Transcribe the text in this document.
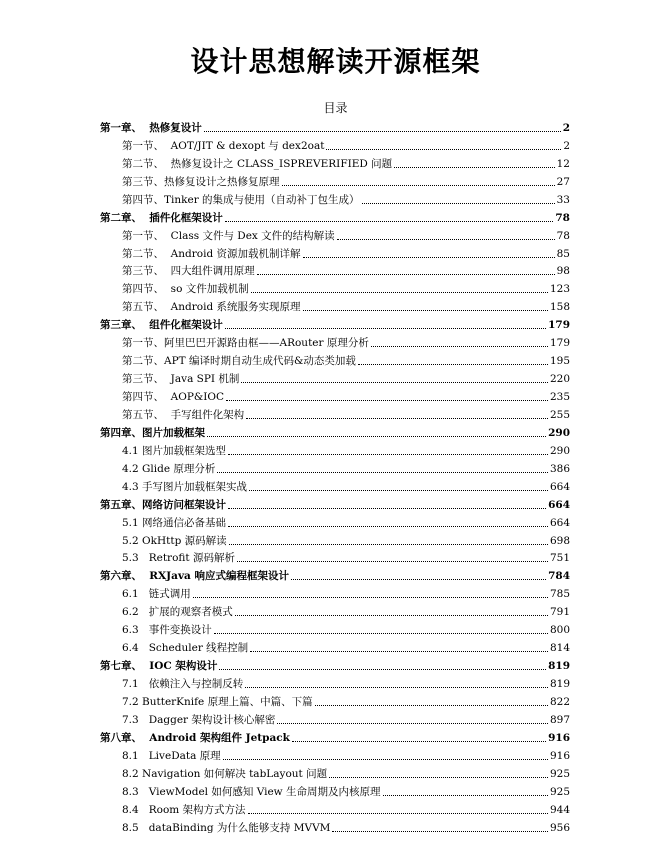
设计思想解读开源框架
目录
第一章、  热修复设计	2
第一节、  AOT/JIT & dexopt 与 dex2oat	2
第二节、  热修复设计之 CLASS_ISPREVERIFIED 问题	12
第三节、热修复设计之热修复原理	27
第四节、Tinker 的集成与使用（自动补丁包生成）	33
第二章、  插件化框架设计	78
第一节、  Class 文件与 Dex 文件的结构解读	78
第二节、  Android 资源加载机制详解	85
第三节、  四大组件调用原理	98
第四节、  so 文件加载机制	123
第五节、  Android 系统服务实现原理	158
第三章、  组件化框架设计	179
第一节、阿里巴巴开源路由框——ARouter 原理分析	179
第二节、APT 编译时期自动生成代码&动态类加载	195
第三节、  Java SPI 机制	220
第四节、  AOP&IOC	235
第五节、  手写组件化架构	255
第四章、图片加载框架	290
4.1 图片加载框架选型	290
4.2 Glide 原理分析	386
4.3 手写图片加载框架实战	664
第五章、网络访问框架设计	664
5.1 网络通信必备基础	664
5.2 OkHttp 源码解读	698
5.3   Retrofit 源码解析	751
第六章、  RXJava 响应式编程框架设计	784
6.1   链式调用	785
6.2   扩展的观察者模式	791
6.3   事件变换设计	800
6.4   Scheduler 线程控制	814
第七章、  IOC 架构设计	819
7.1   依赖注入与控制反转	819
7.2 ButterKnife 原理上篇、中篇、下篇	822
7.3   Dagger 架构设计核心解密	897
第八章、  Android 架构组件 Jetpack	916
8.1   LiveData 原理	916
8.2 Navigation 如何解决 tabLayout 问题	925
8.3   ViewModel 如何感知 View 生命周期及内核原理	925
8.4   Room 架构方式方法	944
8.5   dataBinding 为什么能够支持 MVVM	956
